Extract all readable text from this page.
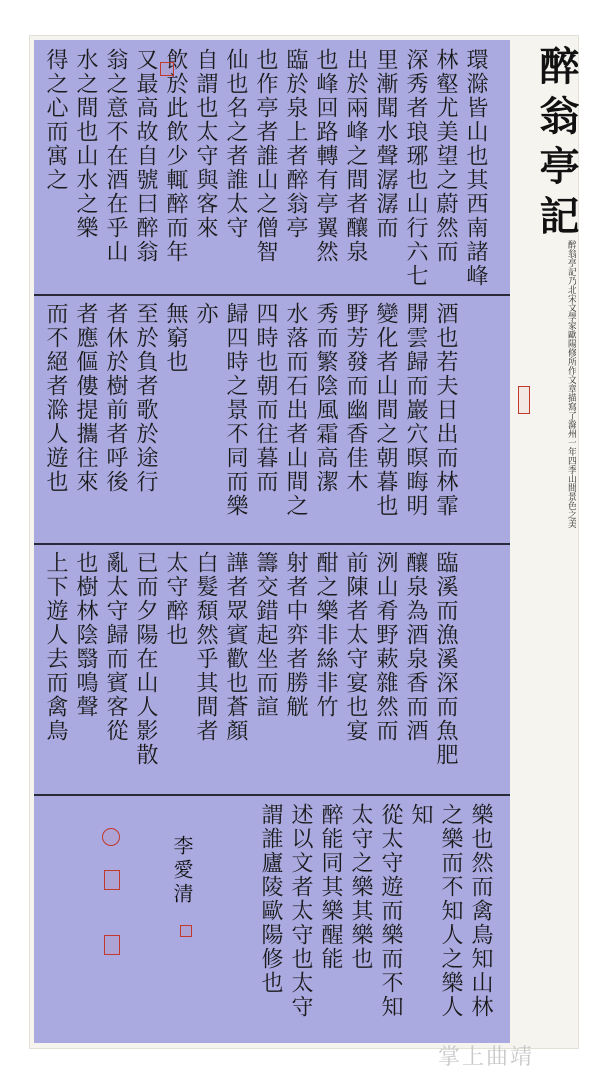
醉翁亭記
醉翁亭記乃北宋文學家歐陽修所作文章描寫了滁州一年四季山間景色之美
環滁皆山也其西南諸峰林壑尤美望之蔚然而深秀者琅琊也山行六七里漸聞水聲潺潺而出於兩峰之間者釀泉也峰回路轉有亭翼然臨於泉上者醉翁亭也作亭者誰山之僧智仙也名之者誰太守自謂也太守與客來飲於此飲少輒醉而年又最高故自號曰醉翁翁之意不在酒在乎山水之間也山水之樂得之心而寓之
酒也若夫日出而林霏開雲歸而巖穴暝晦明變化者山間之朝暮也野芳發而幽香佳木秀而繁陰風霜高潔水落而石出者山間之四時也朝而往暮而歸四時之景不同而樂亦無窮也至於負者歌於途行者休於樹前者呼後者應傴僂提攜往來而不絕者滁人遊也
臨溪而漁溪深而魚肥釀泉為酒泉香而酒洌山肴野蔌雜然而前陳者太守宴也宴酣之樂非絲非竹射者中弈者勝觥籌交錯起坐而諠譁者眾賓歡也蒼顏白髮頹然乎其間者太守醉也已而夕陽在山人影散亂太守歸而賓客從也樹林陰翳鳴聲上下遊人去而禽鳥
樂也然而禽鳥知山林之樂而不知人之樂人知從太守遊而樂而不知太守之樂其樂也醉能同其樂醒能述以文者太守也太守謂誰廬陵歐陽修也
李愛清
掌上曲靖
